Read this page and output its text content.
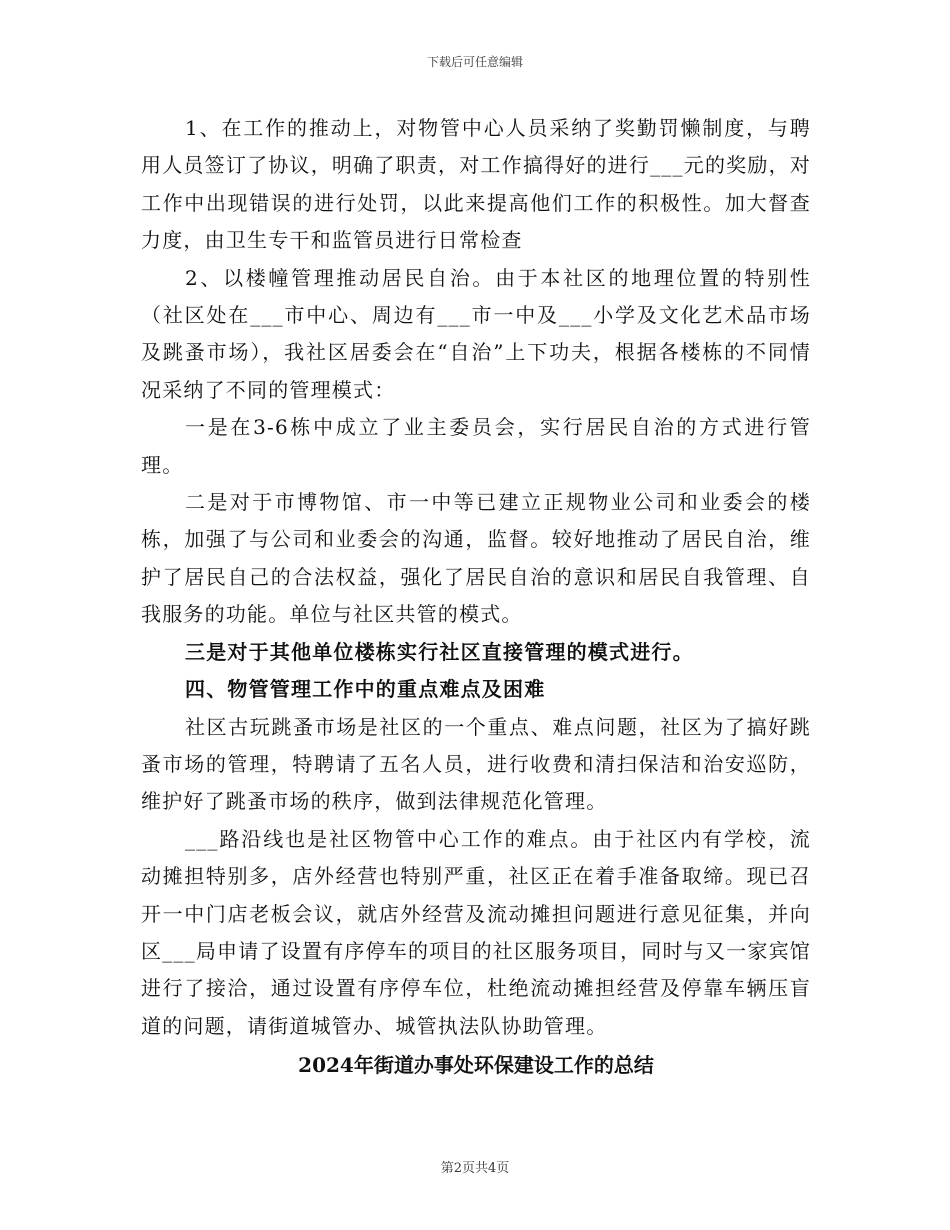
下载后可任意编辑

1、在工作的推动上，对物管中心人员采纳了奖勤罚懒制度，与聘用人员签订了协议，明确了职责，对工作搞得好的进行___元的奖励，对工作中出现错误的进行处罚，以此来提高他们工作的积极性。加大督查力度，由卫生专干和监管员进行日常检查

2、以楼幢管理推动居民自治。由于本社区的地理位置的特别性（社区处在___市中心、周边有___市一中及___小学及文化艺术品市场及跳蚤市场），我社区居委会在“自治”上下功夫，根据各楼栋的不同情况采纳了不同的管理模式：

一是在3-6栋中成立了业主委员会，实行居民自治的方式进行管理。

二是对于市博物馆、市一中等已建立正规物业公司和业委会的楼栋，加强了与公司和业委会的沟通，监督。较好地推动了居民自治，维护了居民自己的合法权益，强化了居民自治的意识和居民自我管理、自我服务的功能。单位与社区共管的模式。

三是对于其他单位楼栋实行社区直接管理的模式进行。

四、物管管理工作中的重点难点及困难

社区古玩跳蚤市场是社区的一个重点、难点问题，社区为了搞好跳蚤市场的管理，特聘请了五名人员，进行收费和清扫保洁和治安巡防，维护好了跳蚤市场的秩序，做到法律规范化管理。

___路沿线也是社区物管中心工作的难点。由于社区内有学校，流动摊担特别多，店外经营也特别严重，社区正在着手准备取缔。现已召开一中门店老板会议，就店外经营及流动摊担问题进行意见征集，并向区___局申请了设置有序停车的项目的社区服务项目，同时与又一家宾馆进行了接洽，通过设置有序停车位，杜绝流动摊担经营及停靠车辆压盲道的问题，请街道城管办、城管执法队协助管理。

2024年街道办事处环保建设工作的总结

第2页共4页
